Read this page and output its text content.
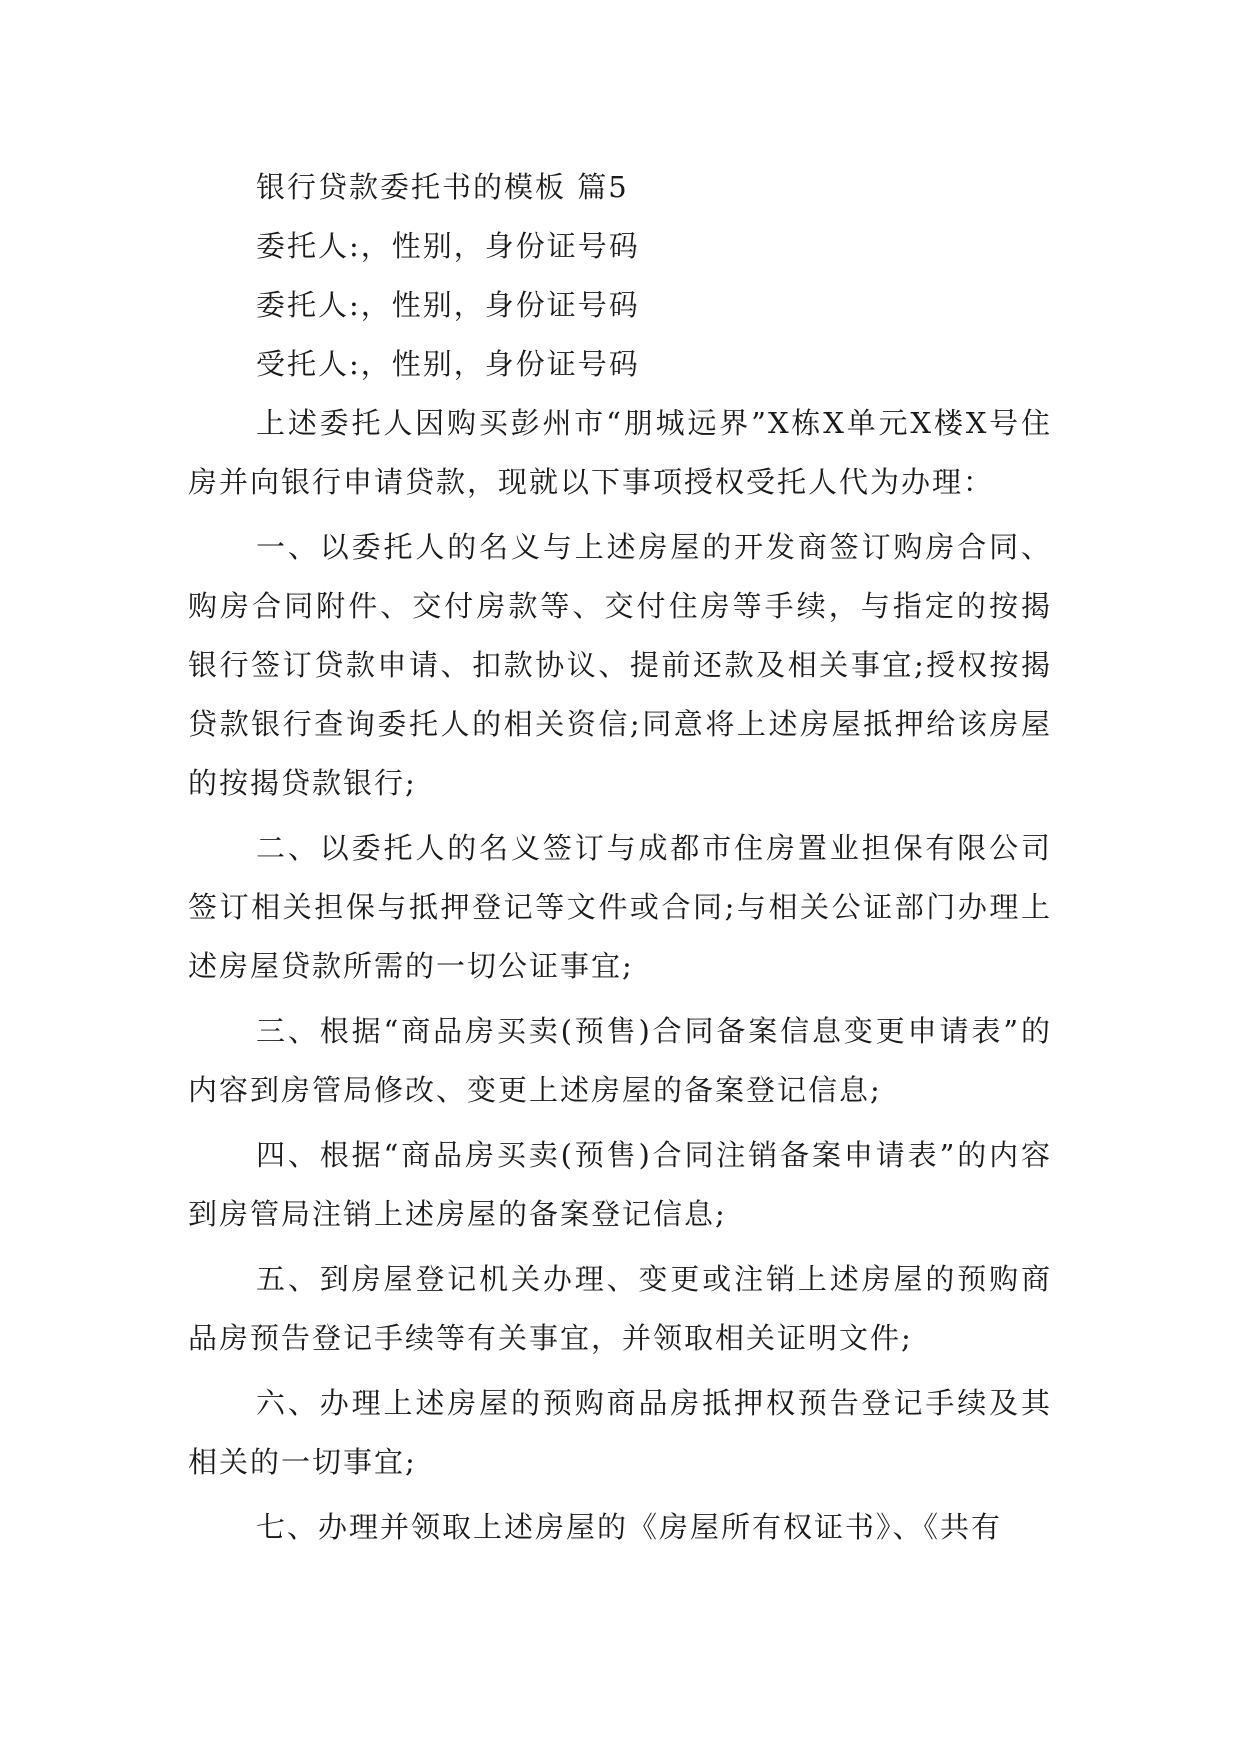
银行贷款委托书的模板 篇5

委托人:，性别，身份证号码

委托人:，性别，身份证号码

受托人:，性别，身份证号码

上述委托人因购买彭州市“朋城远界”X栋X单元X楼X号住房并向银行申请贷款，现就以下事项授权受托人代为办理：

一、以委托人的名义与上述房屋的开发商签订购房合同、购房合同附件、交付房款等、交付住房等手续，与指定的按揭银行签订贷款申请、扣款协议、提前还款及相关事宜;授权按揭贷款银行查询委托人的相关资信;同意将上述房屋抵押给该房屋的按揭贷款银行;

二、以委托人的名义签订与成都市住房置业担保有限公司签订相关担保与抵押登记等文件或合同;与相关公证部门办理上述房屋贷款所需的一切公证事宜;

三、根据“商品房买卖(预售)合同备案信息变更申请表”的内容到房管局修改、变更上述房屋的备案登记信息;

四、根据“商品房买卖(预售)合同注销备案申请表”的内容到房管局注销上述房屋的备案登记信息;

五、到房屋登记机关办理、变更或注销上述房屋的预购商品房预告登记手续等有关事宜，并领取相关证明文件;

六、办理上述房屋的预购商品房抵押权预告登记手续及其相关的一切事宜;

七、办理并领取上述房屋的《房屋所有权证书》、《共有
